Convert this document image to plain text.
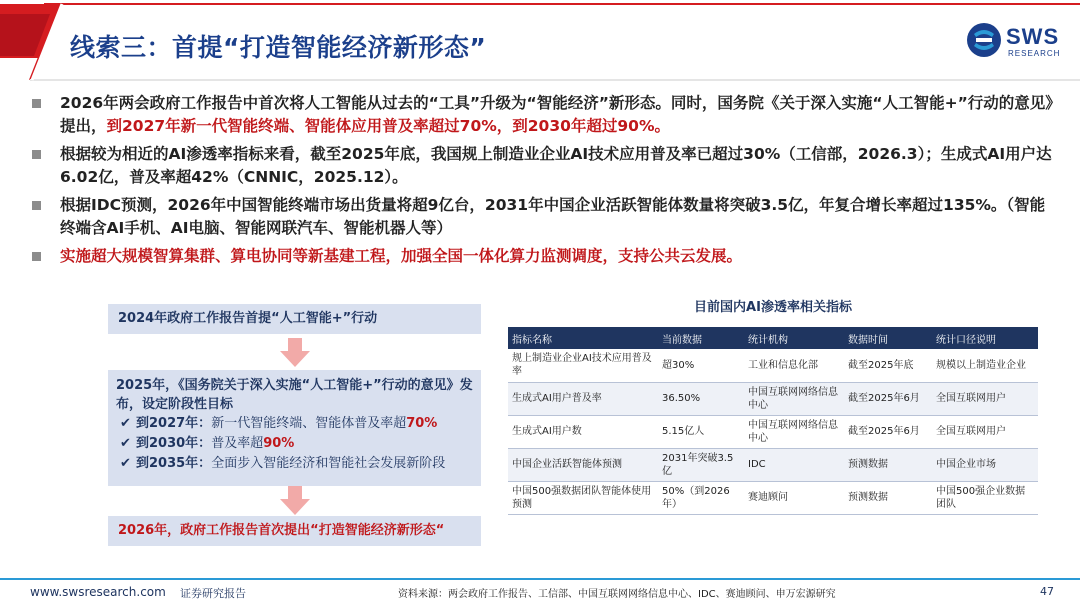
线索三：首提“打造智能经济新形态”	SWS
RESEARCH
2026年两会政府工作报告中首次将人工智能从过去的“工具”升级为“智能经济”新形态。同时，国务院《关于深入实施“人工智能+”行动的意见》提出，到2027年新一代智能终端、智能体应用普及率超过70%，到2030年超过90%。
根据较为相近的AI渗透率指标来看，截至2025年底，我国规上制造业企业AI技术应用普及率已超过30%（工信部，2026.3）；生成式AI用户达6.02亿，普及率超42%（CNNIC，2025.12）。
根据IDC预测，2026年中国智能终端市场出货量将超9亿台，2031年中国企业活跃智能体数量将突破3.5亿，年复合增长率超过135%。（智能终端含AI手机、AI电脑、智能网联汽车、智能机器人等）
实施超大规模智算集群、算电协同等新基建工程，加强全国一体化算力监测调度，支持公共云发展。
2024年政府工作报告首提“人工智能+”行动
2025年，《国务院关于深入实施“人工智能+”行动的意见》发布，设定阶段性目标
✔ 到2027年：新一代智能终端、智能体普及率超70%
✔ 到2030年：普及率超90%
✔ 到2035年：全面步入智能经济和智能社会发展新阶段
2026年，政府工作报告首次提出“打造智能经济新形态“
目前国内AI渗透率相关指标
指标名称	当前数据	统计机构	数据时间	统计口径说明
规上制造业企业AI技术应用普及率	超30%	工业和信息化部	截至2025年底	规模以上制造业企业
生成式AI用户普及率	36.50%	中国互联网网络信息中心	截至2025年6月	全国互联网用户
生成式AI用户数	5.15亿人	中国互联网网络信息中心	截至2025年6月	全国互联网用户
中国企业活跃智能体预测	2031年突破3.5亿	IDC	预测数据	中国企业市场
中国500强数据团队智能体使用预测	50%（到2026年）	赛迪顾问	预测数据	中国500强企业数据团队
www.swsresearch.com 证券研究报告	资料来源：两会政府工作报告、工信部、中国互联网网络信息中心、IDC、赛迪顾问、申万宏源研究	47
